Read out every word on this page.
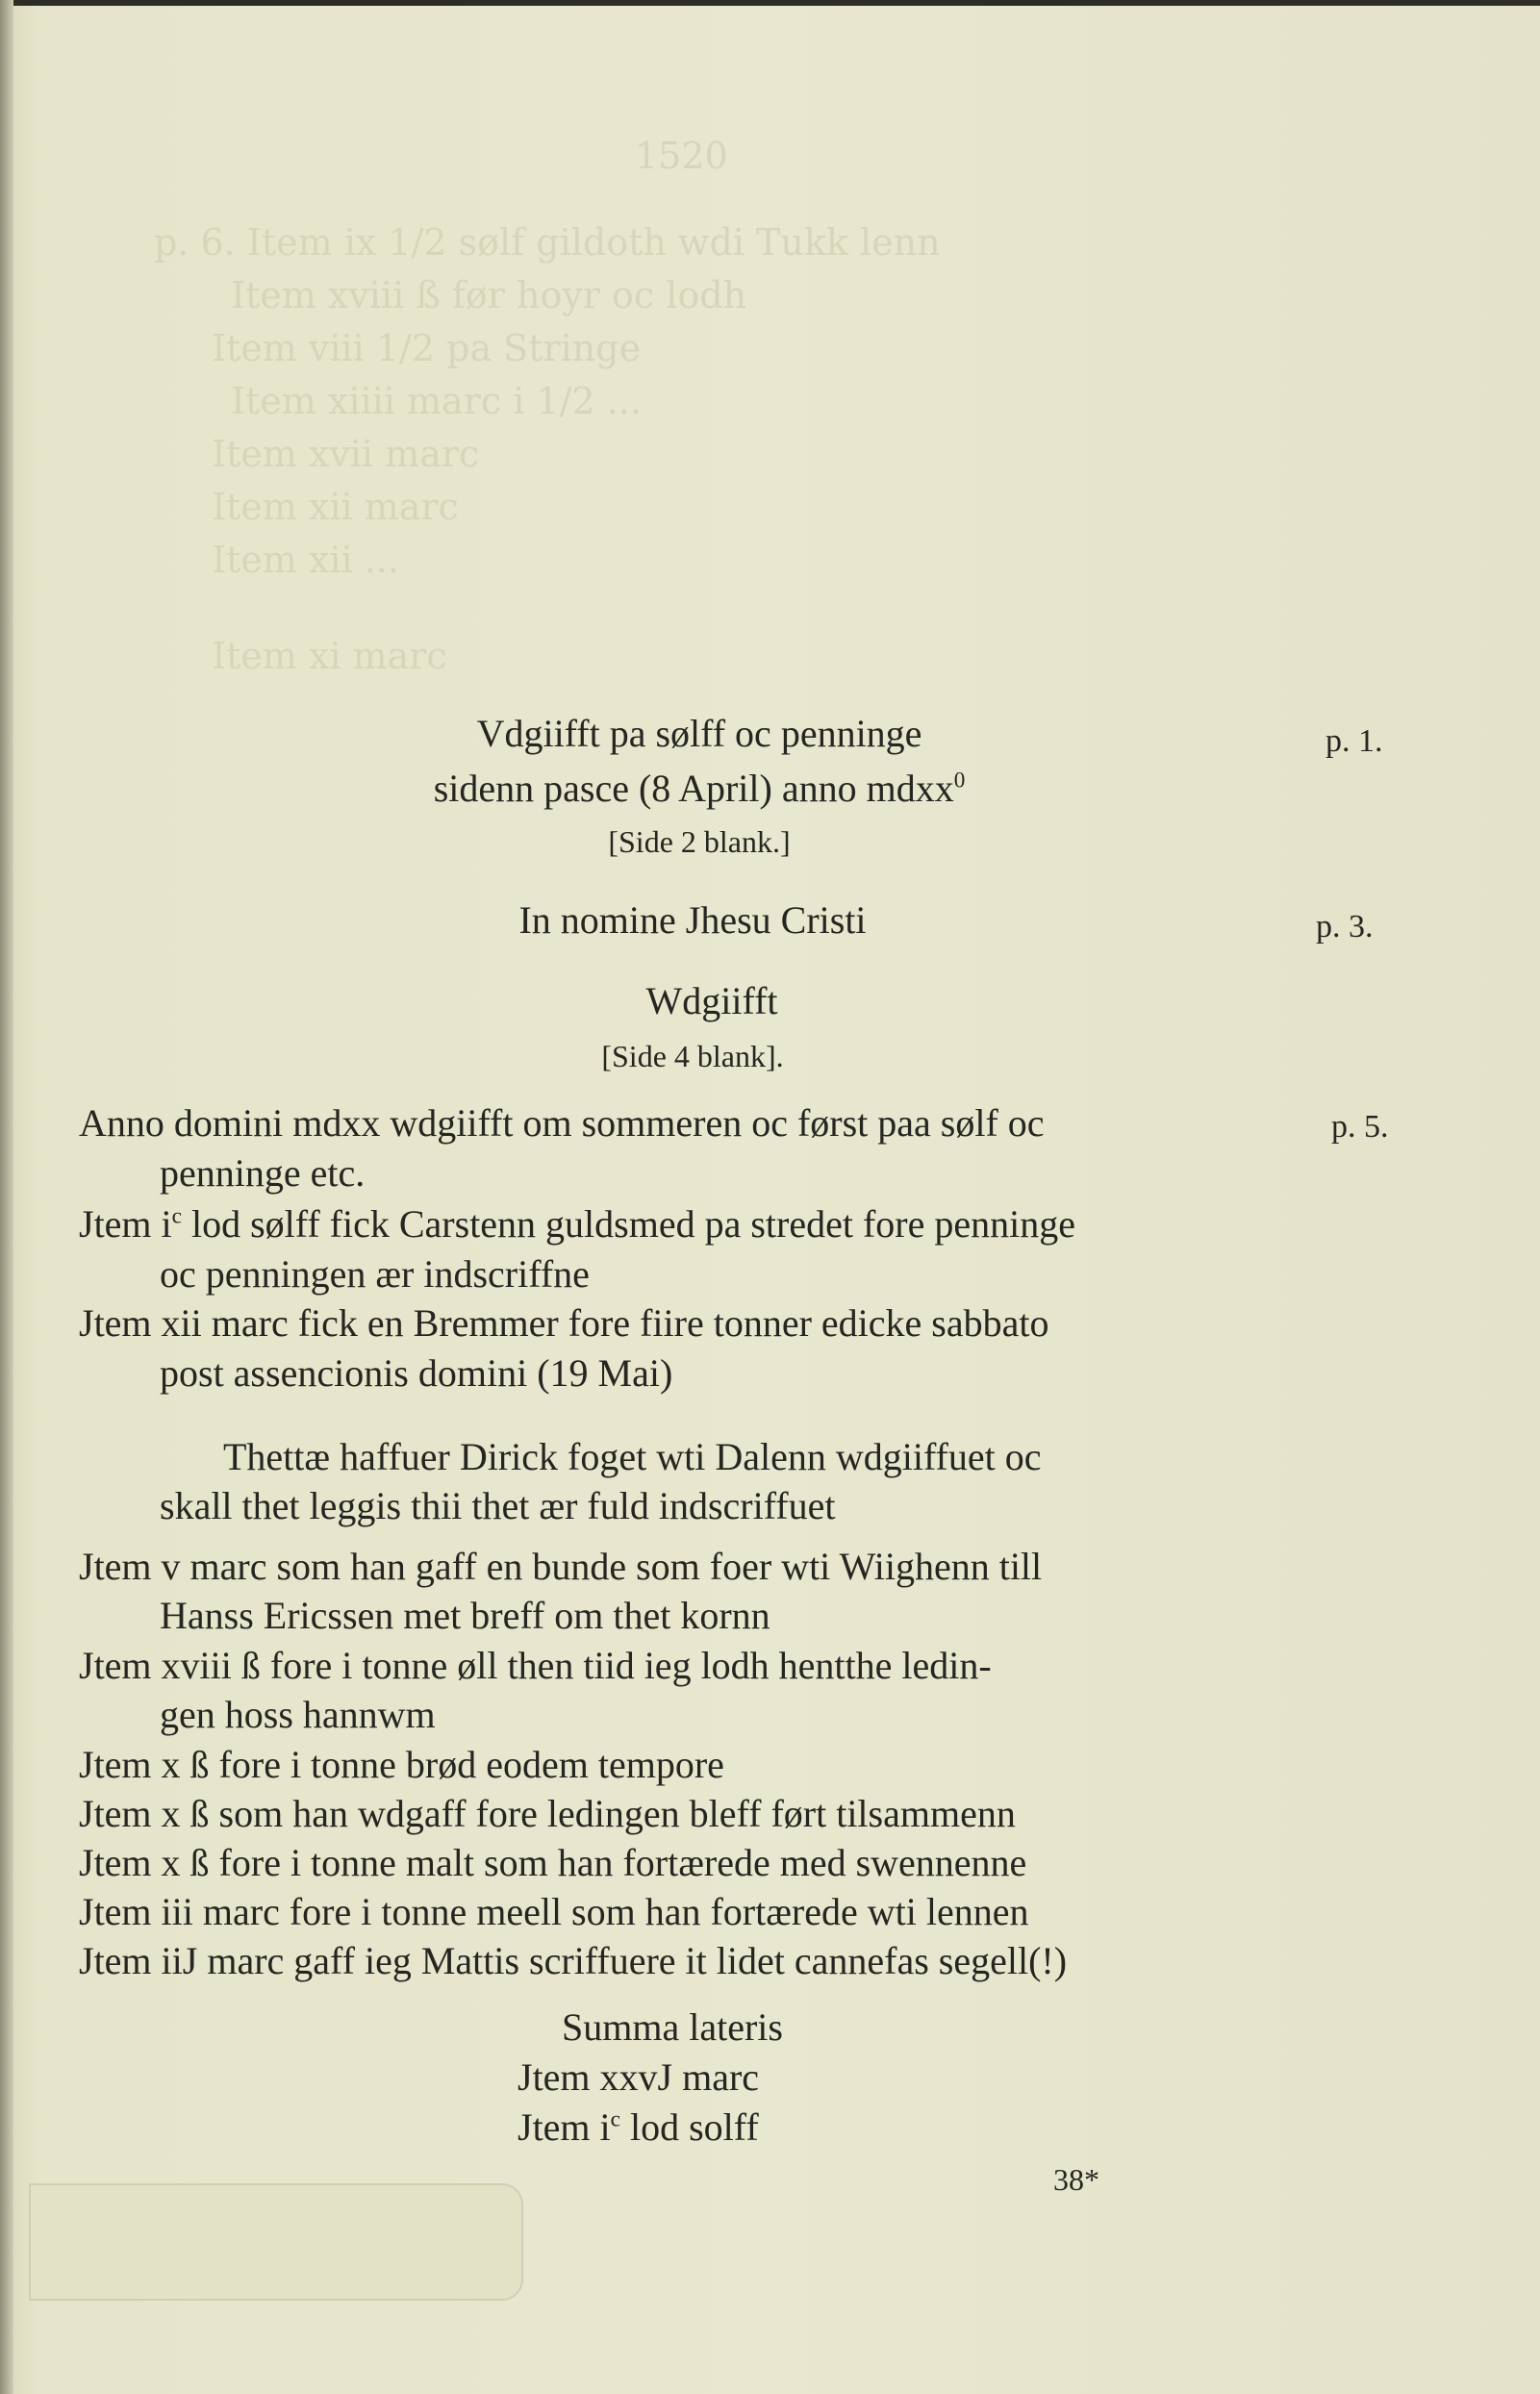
1520
p. 6. Item ix 1/2 sølf gildoth wdi Tukk lenn
Item xviii ß før hoyr oc lodh
Item viii 1/2 pa Stringe
Item xiiii marc i 1/2 ...
Item xvii marc
Item xii marc
Item xii ...
Item xi marc
Vdgiifft pa sølff oc penninge
sidenn pasce (8 April) anno mdxx$^0$
[Side 2 blank.]
In nomine Jhesu Cristi
Wdgiifft
[Side 4 blank].
p. 1.
p. 3.
p. 5.
Anno domini mdxx wdgiifft om sommeren oc først paa sølf oc
penninge etc.
Jtem $i^c$ lod sølff fick Carstenn guldsmed pa stredet fore penninge
oc penningen ær indscriffne
Jtem xii marc fick en Bremmer fore fiire tonner edicke sabbato
post assencionis domini (19 Mai)
Thettæ haffuer Dirick foget wti Dalenn wdgiiffuet oc
skall thet leggis thii thet ær fuld indscriffuet
Jtem v marc som han gaff en bunde som foer wti Wiighenn till
Hanss Ericssen met breff om thet kornn
Jtem xviii ß fore i tonne øll then tiid ieg lodh hentthe ledin-
gen hoss hannwm
Jtem x ß fore i tonne brød eodem tempore
Jtem x ß som han wdgaff fore ledingen bleff ført tilsammenn
Jtem x ß fore i tonne malt som han fortærede med swennenne
Jtem iii marc fore i tonne meell som han fortærede wti lennen
Jtem iiJ marc gaff ieg Mattis scriffuere it lidet cannefas segell(!)
Summa lateris
Jtem xxvJ marc
Jtem $i^c$ lod solff
38*
